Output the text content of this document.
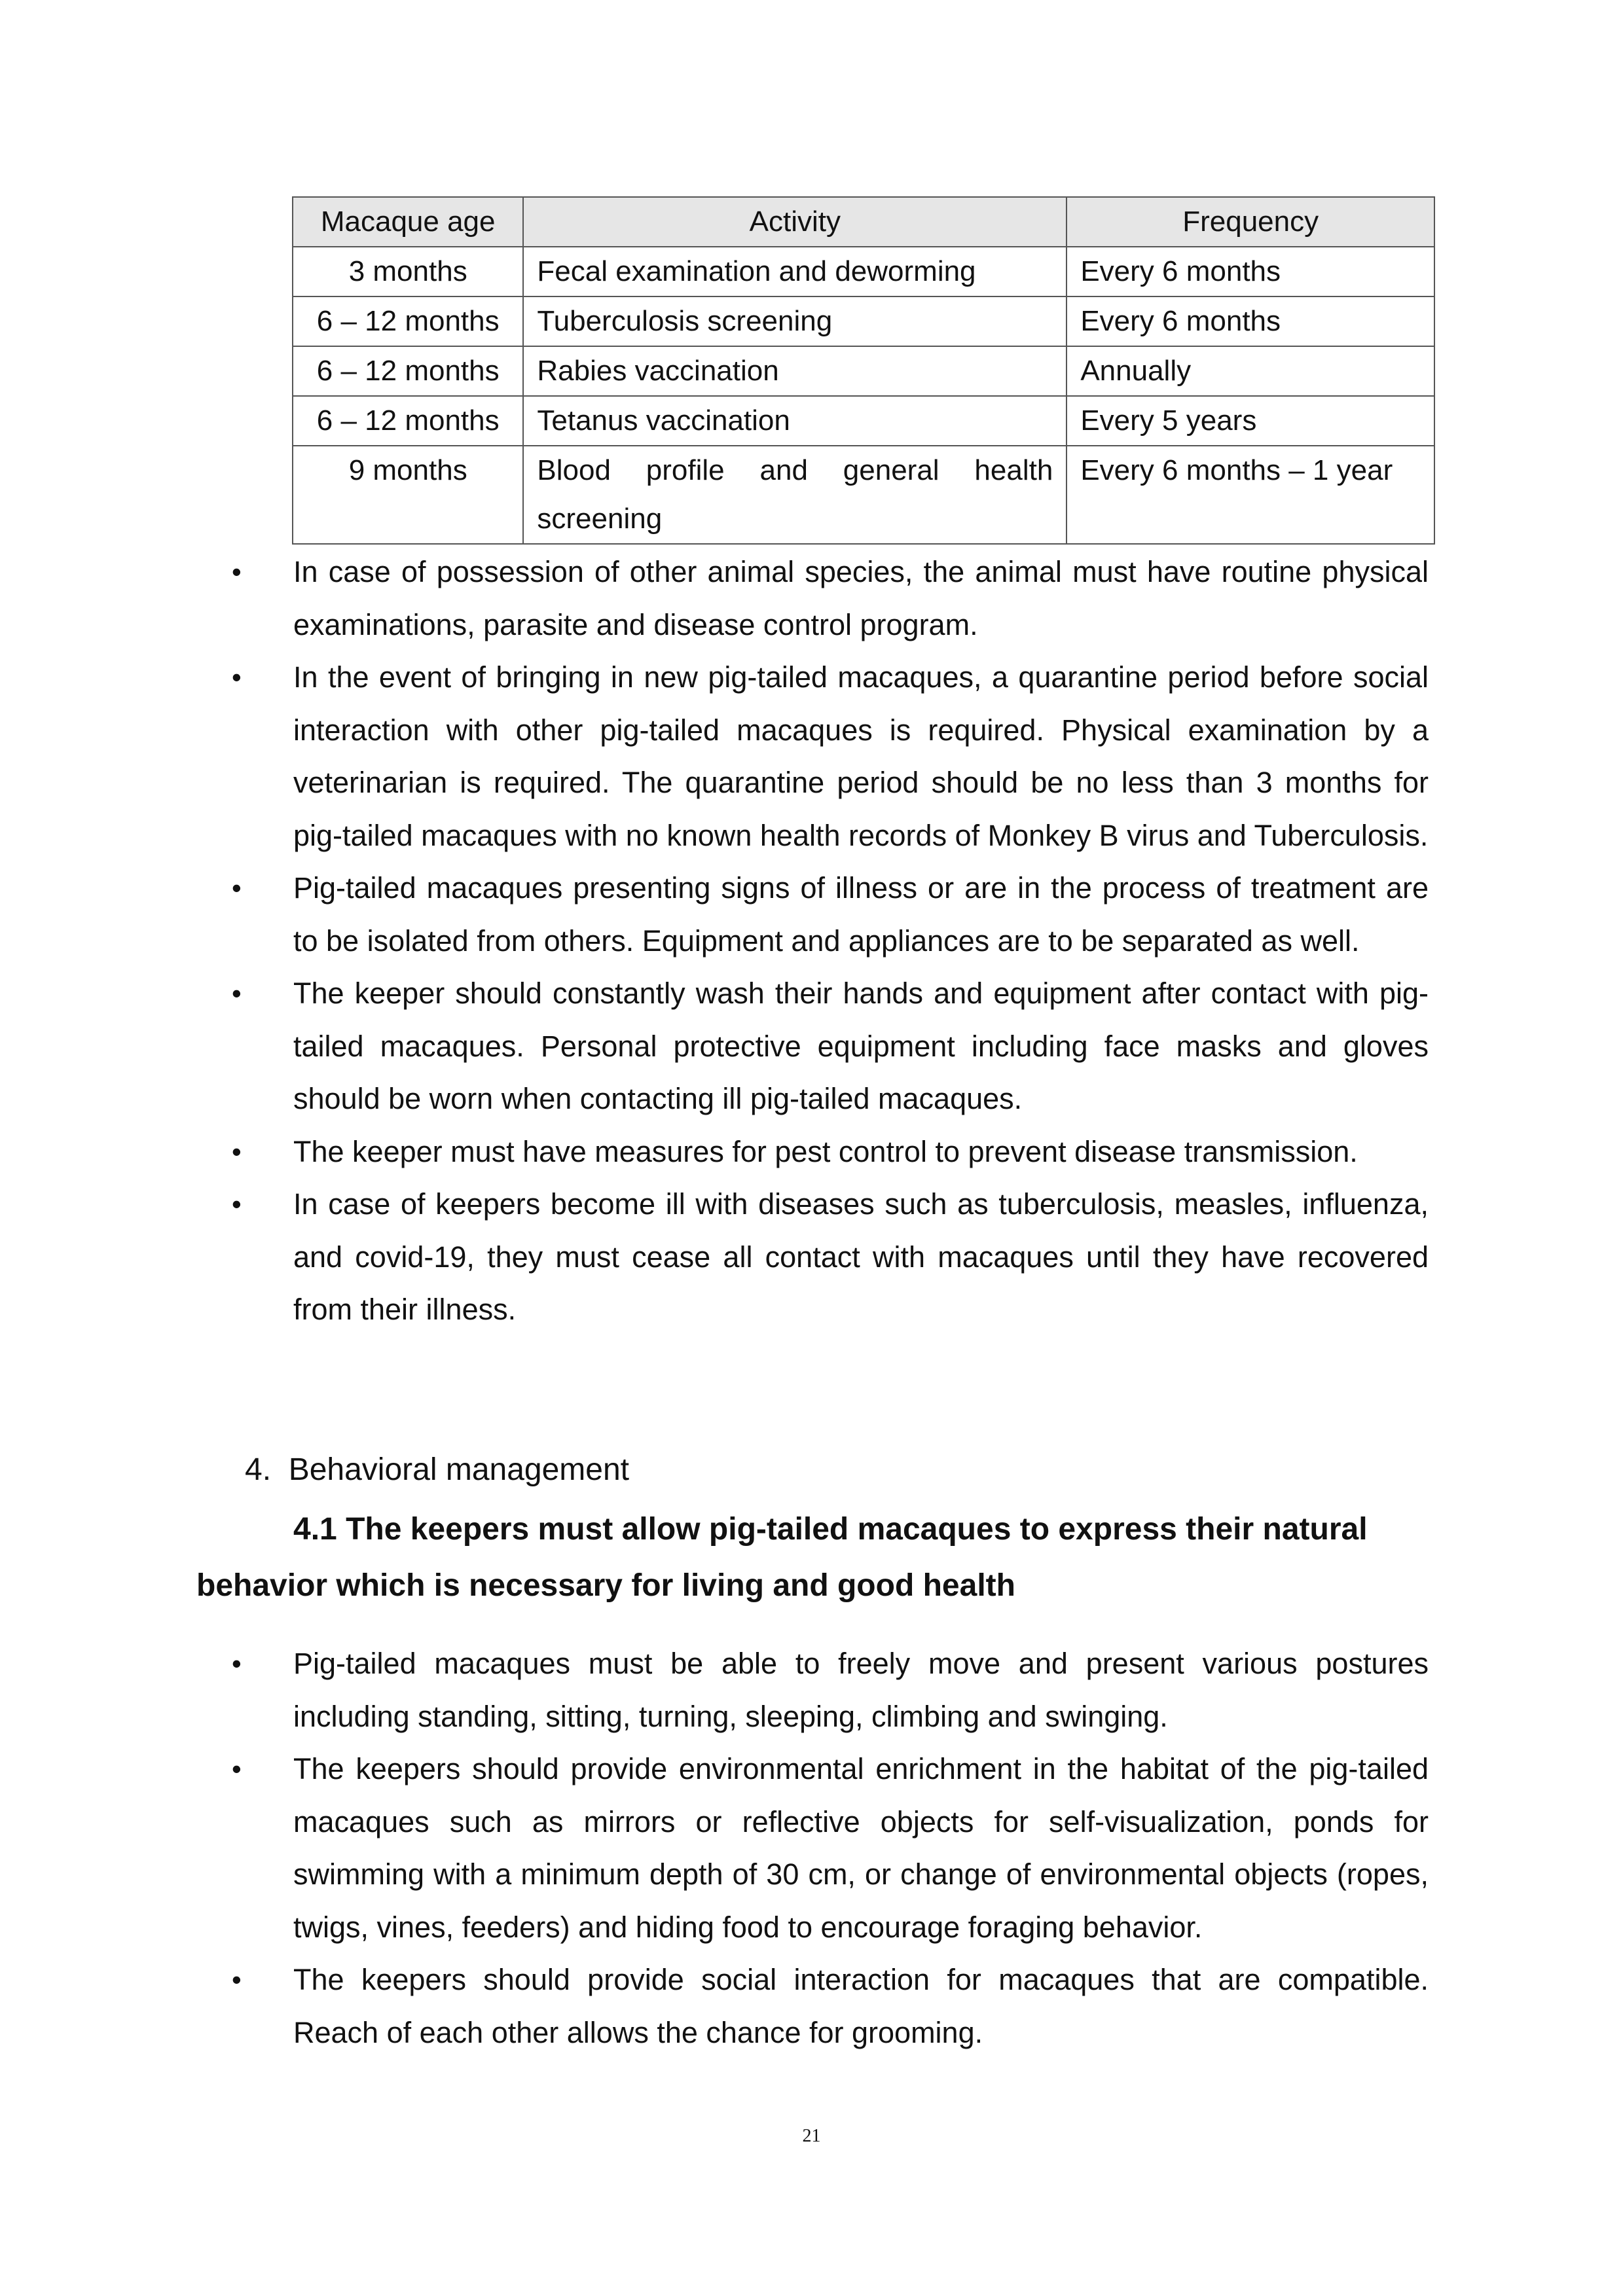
Macaque age	Activity	Frequency
3 months	Fecal examination and deworming	Every 6 months
6 – 12 months	Tuberculosis screening	Every 6 months
6 – 12 months	Rabies vaccination	Annually
6 – 12 months	Tetanus vaccination	Every 5 years
9 months	Blood profile and general health screening	Every 6 months – 1 year
•	In case of possession of other animal species, the animal must have routine physical examinations, parasite and disease control program.
•	In the event of bringing in new pig-tailed macaques, a quarantine period before social interaction with other pig-tailed macaques is required. Physical examination by a veterinarian is required. The quarantine period should be no less than 3 months for pig-tailed macaques with no known health records of Monkey B virus and Tuberculosis.
•	Pig-tailed macaques presenting signs of illness or are in the process of treatment are to be isolated from others. Equipment and appliances are to be separated as well.
•	The keeper should constantly wash their hands and equipment after contact with pig-tailed macaques. Personal protective equipment including face masks and gloves should be worn when contacting ill pig-tailed macaques.
•	The keeper must have measures for pest control to prevent disease transmission.
•	In case of keepers become ill with diseases such as tuberculosis, measles, influenza, and covid-19, they must cease all contact with macaques until they have recovered from their illness.
4. Behavioral management
4.1 The keepers must allow pig-tailed macaques to express their natural behavior which is necessary for living and good health
•	Pig-tailed macaques must be able to freely move and present various postures including standing, sitting, turning, sleeping, climbing and swinging.
•	The keepers should provide environmental enrichment in the habitat of the pig-tailed macaques such as mirrors or reflective objects for self-visualization, ponds for swimming with a minimum depth of 30 cm, or change of environmental objects (ropes, twigs, vines, feeders) and hiding food to encourage foraging behavior.
•	The keepers should provide social interaction for macaques that are compatible. Reach of each other allows the chance for grooming.
21
